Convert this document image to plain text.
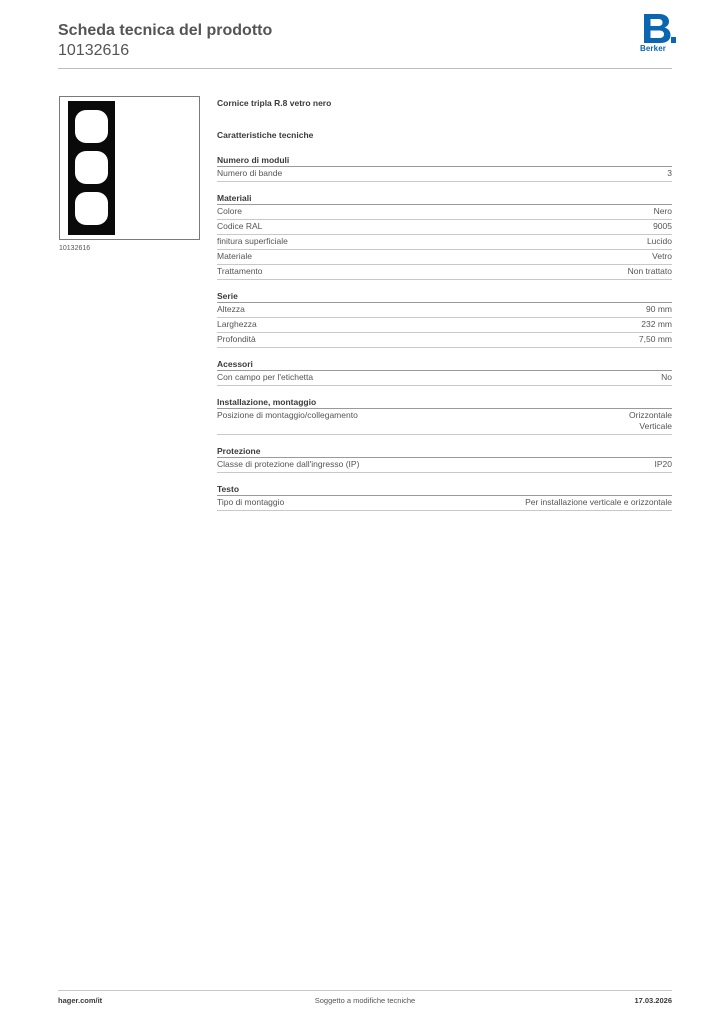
Scheda tecnica del prodotto
10132616	Berker
10132616
Cornice tripla R.8 vetro nero
Caratteristiche tecniche
Numero di moduli
Numero di bande	3
Materiali
Colore	Nero
Codice RAL	9005
finitura superficiale	Lucido
Materiale	Vetro
Trattamento	Non trattato
Serie
Altezza	90 mm
Larghezza	232 mm
Profondità	7,50 mm
Acessori
Con campo per l'etichetta	No
Installazione, montaggio
Posizione di montaggio/collegamento	Orizzontale
Verticale
Protezione
Classe di protezione dall'ingresso (IP)	IP20
Testo
Tipo di montaggio	Per installazione verticale e orizzontale
hager.com/it	Soggetto a modifiche tecniche	17.03.2026
